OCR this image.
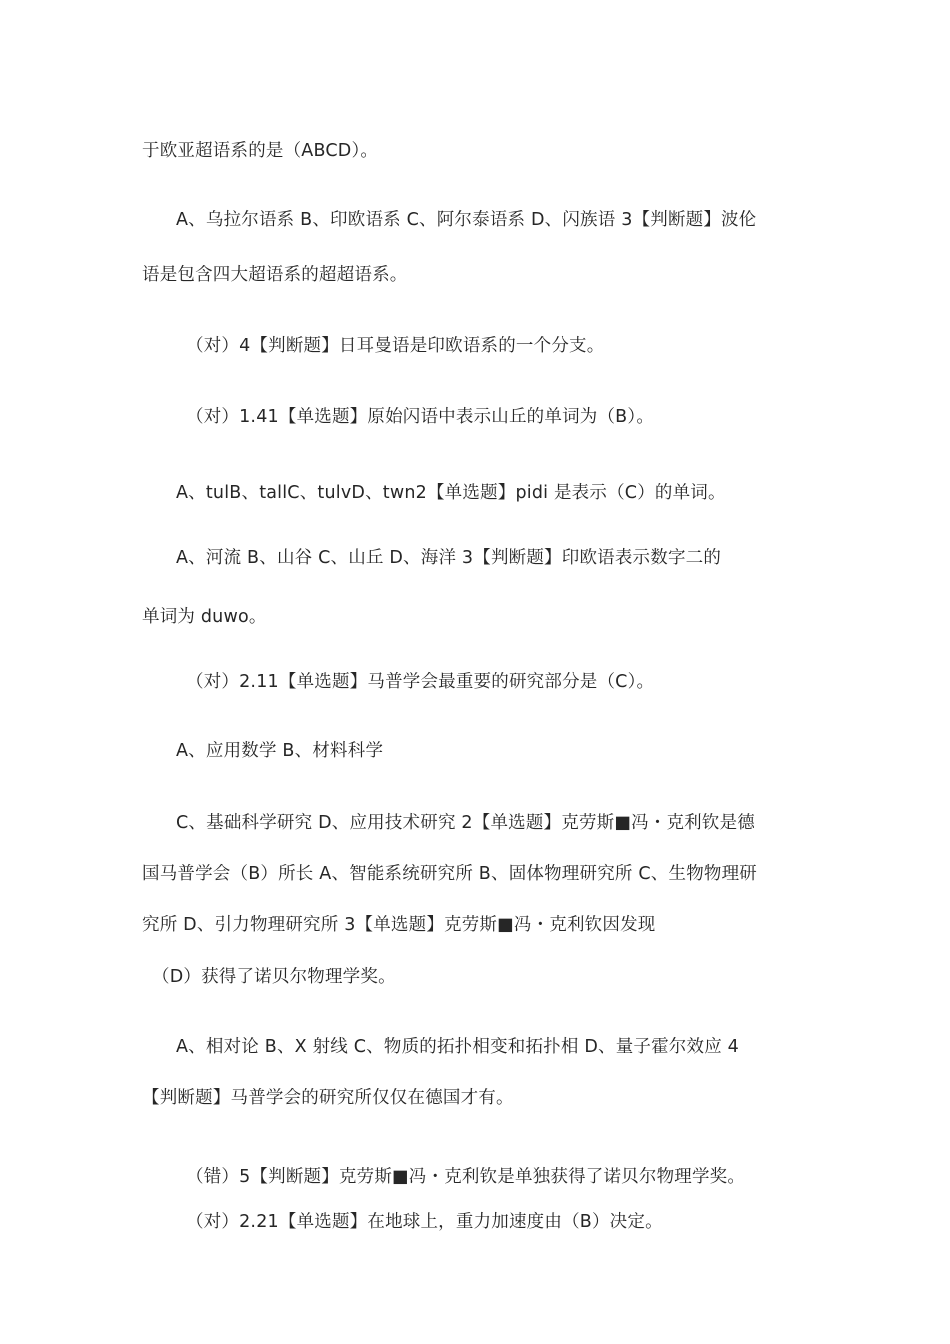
于欧亚超语系的是（ABCD）。
A、乌拉尔语系 B、印欧语系 C、阿尔泰语系 D、闪族语 3【判断题】波伦
语是包含四大超语系的超超语系。
（对）4【判断题】日耳曼语是印欧语系的一个分支。
（对）1.41【单选题】原始闪语中表示山丘的单词为（B）。
A、tulB、tallC、tulvD、twn2【单选题】pidi 是表示（C）的单词。
A、河流 B、山谷 C、山丘 D、海洋 3【判断题】印欧语表示数字二的
单词为 duwo。
（对）2.11【单选题】马普学会最重要的研究部分是（C）。
A、应用数学 B、材料科学
C、基础科学研究 D、应用技术研究 2【单选题】克劳斯■冯・克利钦是德
国马普学会（B）所长 A、智能系统研究所 B、固体物理研究所 C、生物物理研
究所 D、引力物理研究所 3【单选题】克劳斯■冯・克利钦因发现
（D）获得了诺贝尔物理学奖。
A、相对论 B、X 射线 C、物质的拓扑相变和拓扑相 D、量子霍尔效应 4
【判断题】马普学会的研究所仅仅在德国才有。
（错）5【判断题】克劳斯■冯・克利钦是单独获得了诺贝尔物理学奖。
（对）2.21【单选题】在地球上，重力加速度由（B）决定。
